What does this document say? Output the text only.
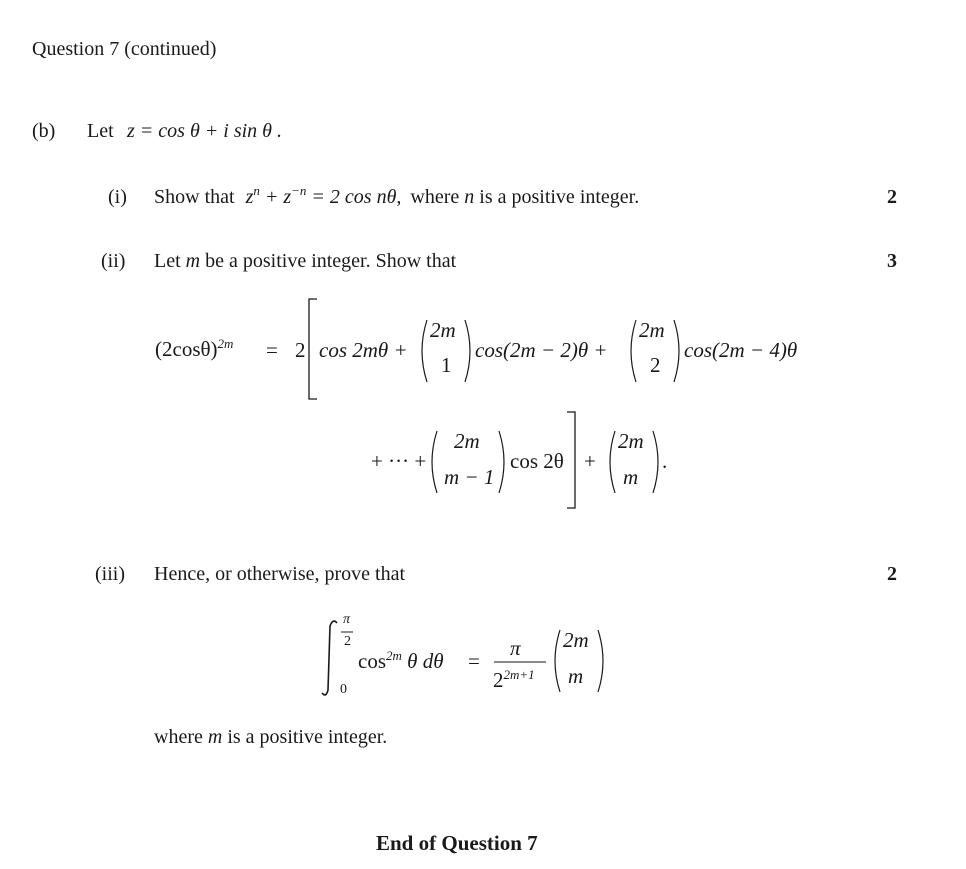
Question 7 (continued)
(b) Let z = cos θ + i sin θ .
(i) Show that $z^n + z^{-n} = 2$ cos nθ, where n is a positive integer.	2
(ii) Let m be a positive integer. Show that	3
$(2\cos\theta)^{2m} = 2$ cos 2mθ +
2m
1
cos(2m − 2)θ +
2m
2
cos(2m − 4)θ
+ ··· +
2m
m − 1
cos 2θ +
2m
m
.
(iii) Hence, or otherwise, prove that	2
π
2
0
$\cos^{2m} \theta$ dθ =
π
$2^{2m+1}$
2m
m
where m is a positive integer.
End of Question 7
